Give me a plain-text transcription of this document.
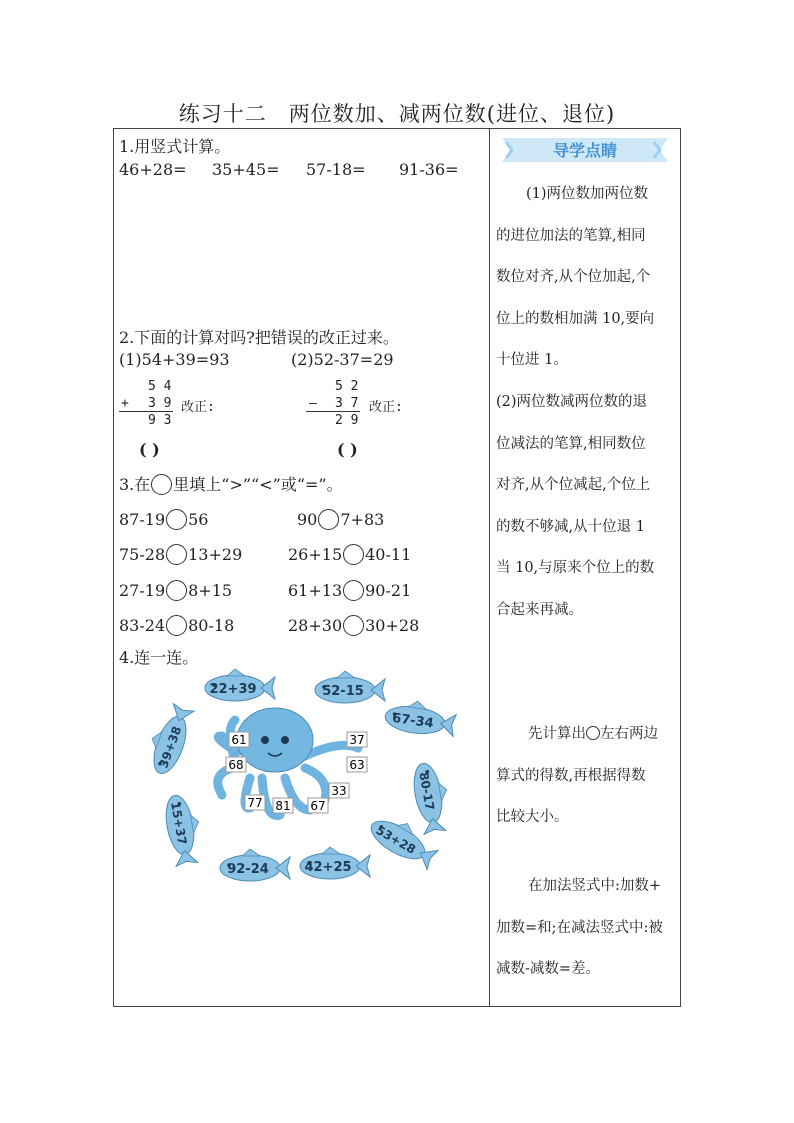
练习十二　两位数加、减两位数(进位、退位)
1.用竖式计算。
46+28= 35+45= 57-18= 91-36=
2.下面的计算对吗?把错误的改正过来。
(1)54+39=93	(2)52-37=29
5 4
+ 3 9
9 3
改正:
( )
5 2
— 3 7
2 9
改正:
( )
3.在 里填上“>”“<”或“=”。
87-19 56	90 7+83
75-28 13+29	26+15 40-11
27-19 8+15	61+13 90-21
83-24 80-18	28+30 30+28
4.连一连。
61	37
68	63
33
77 81 67
22+39	52-15
67-34
39+38
80-17
15+37	53+28
92-24	42+25
导学点睛
(1)两位数加两位数
的进位加法的笔算,相同
数位对齐,从个位加起,个
位上的数相加满 10,要向
十位进 1。
(2)两位数减两位数的退
位减法的笔算,相同数位
对齐,从个位减起,个位上
的数不够减,从十位退 1
当 10,与原来个位上的数
合起来再减。
先计算出 左右两边
算式的得数,再根据得数
比较大小。
在加法竖式中:加数+
加数=和;在减法竖式中:被
减数-减数=差。
